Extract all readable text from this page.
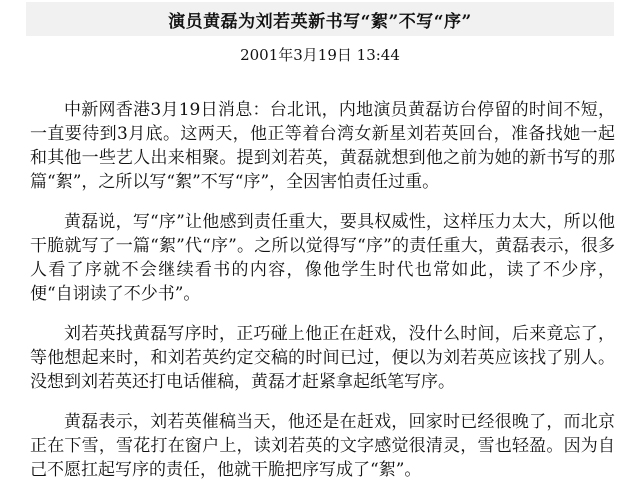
演员黄磊为刘若英新书写“絮”不写“序”
2001年3月19日 13:44

中新网香港3月19日消息：台北讯，内地演员黄磊访台停留的时间不短，一直要待到3月底。这两天，他正等着台湾女新星刘若英回台，准备找她一起和其他一些艺人出来相聚。提到刘若英，黄磊就想到他之前为她的新书写的那篇“絮”，之所以写“絮”不写“序”，全因害怕责任过重。

黄磊说，写“序”让他感到责任重大，要具权威性，这样压力太大，所以他干脆就写了一篇“絮”代“序”。之所以觉得写“序”的责任重大，黄磊表示，很多人看了序就不会继续看书的内容，像他学生时代也常如此，读了不少序，便“自诩读了不少书”。

刘若英找黄磊写序时，正巧碰上他正在赶戏，没什么时间，后来竟忘了，等他想起来时，和刘若英约定交稿的时间已过，便以为刘若英应该找了别人。没想到刘若英还打电话催稿，黄磊才赶紧拿起纸笔写序。

黄磊表示，刘若英催稿当天，他还是在赶戏，回家时已经很晚了，而北京正在下雪，雪花打在窗户上，读刘若英的文字感觉很清灵，雪也轻盈。因为自己不愿扛起写序的责任，他就干脆把序写成了“絮”。
